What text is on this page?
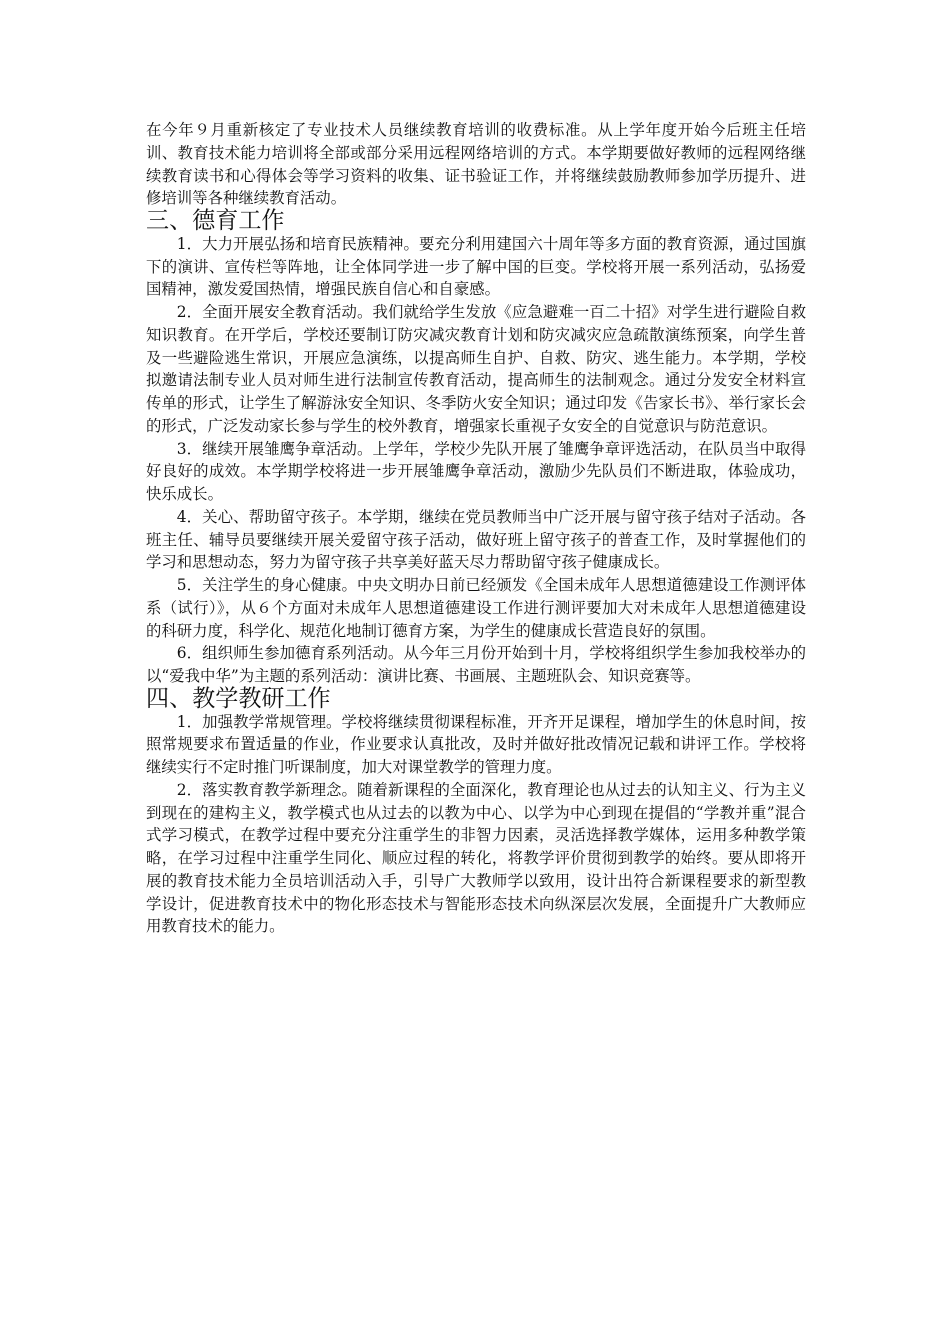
在今年９月重新核定了专业技术人员继续教育培训的收费标准。从上学年度开始今后班主任培训、教育技术能力培训将全部或部分采用远程网络培训的方式。本学期要做好教师的远程网络继续教育读书和心得体会等学习资料的收集、证书验证工作，并将继续鼓励教师参加学历提升、进修培训等各种继续教育活动。

三、德育工作

1．大力开展弘扬和培育民族精神。要充分利用建国六十周年等多方面的教育资源，通过国旗下的演讲、宣传栏等阵地，让全体同学进一步了解中国的巨变。学校将开展一系列活动，弘扬爱国精神，激发爱国热情，增强民族自信心和自豪感。

2．全面开展安全教育活动。我们就给学生发放《应急避难一百二十招》对学生进行避险自救知识教育。在开学后，学校还要制订防灾减灾教育计划和防灾减灾应急疏散演练预案，向学生普及一些避险逃生常识，开展应急演练，以提高师生自护、自救、防灾、逃生能力。本学期，学校拟邀请法制专业人员对师生进行法制宣传教育活动，提高师生的法制观念。通过分发安全材料宣传单的形式，让学生了解游泳安全知识、冬季防火安全知识；通过印发《告家长书》、举行家长会的形式，广泛发动家长参与学生的校外教育，增强家长重视子女安全的自觉意识与防范意识。

3．继续开展雏鹰争章活动。上学年，学校少先队开展了雏鹰争章评选活动，在队员当中取得好良好的成效。本学期学校将进一步开展雏鹰争章活动，激励少先队员们不断进取，体验成功，快乐成长。

4．关心、帮助留守孩子。本学期，继续在党员教师当中广泛开展与留守孩子结对子活动。各班主任、辅导员要继续开展关爱留守孩子活动，做好班上留守孩子的普查工作，及时掌握他们的学习和思想动态，努力为留守孩子共享美好蓝天尽力帮助留守孩子健康成长。

5．关注学生的身心健康。中央文明办日前已经颁发《全国未成年人思想道德建设工作测评体系（试行）》，从６个方面对未成年人思想道德建设工作进行测评要加大对未成年人思想道德建设的科研力度，科学化、规范化地制订德育方案，为学生的健康成长营造良好的氛围。

6．组织师生参加德育系列活动。从今年三月份开始到十月，学校将组织学生参加我校举办的以“爱我中华”为主题的系列活动：演讲比赛、书画展、主题班队会、知识竞赛等。

四、教学教研工作

1．加强教学常规管理。学校将继续贯彻课程标准，开齐开足课程，增加学生的休息时间，按照常规要求布置适量的作业，作业要求认真批改，及时并做好批改情况记载和讲评工作。学校将继续实行不定时推门听课制度，加大对课堂教学的管理力度。

2．落实教育教学新理念。随着新课程的全面深化，教育理论也从过去的认知主义、行为主义到现在的建构主义，教学模式也从过去的以教为中心、以学为中心到现在提倡的“学教并重”混合式学习模式，在教学过程中要充分注重学生的非智力因素，灵活选择教学媒体，运用多种教学策略，在学习过程中注重学生同化、顺应过程的转化，将教学评价贯彻到教学的始终。要从即将开展的教育技术能力全员培训活动入手，引导广大教师学以致用，设计出符合新课程要求的新型教学设计，促进教育技术中的物化形态技术与智能形态技术向纵深层次发展，全面提升广大教师应用教育技术的能力。
